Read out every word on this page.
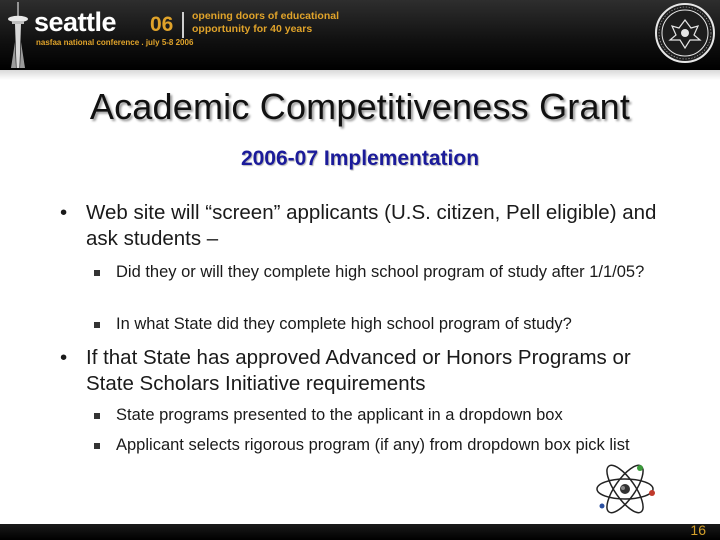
seattle 06
nasfaa national conference . july 5-8 2006
opening doors of educational opportunity for 40 years
Academic Competitiveness Grant
2006-07 Implementation
• Web site will “screen” applicants (U.S. citizen, Pell eligible) and ask students –
Did they or will they complete high school program of study after 1/1/05?
In what State did they complete high school program of study?
• If that State has approved Advanced or Honors Programs or State Scholars Initiative requirements
State programs presented to the applicant in a dropdown box
Applicant selects rigorous program (if any) from dropdown box pick list
16
